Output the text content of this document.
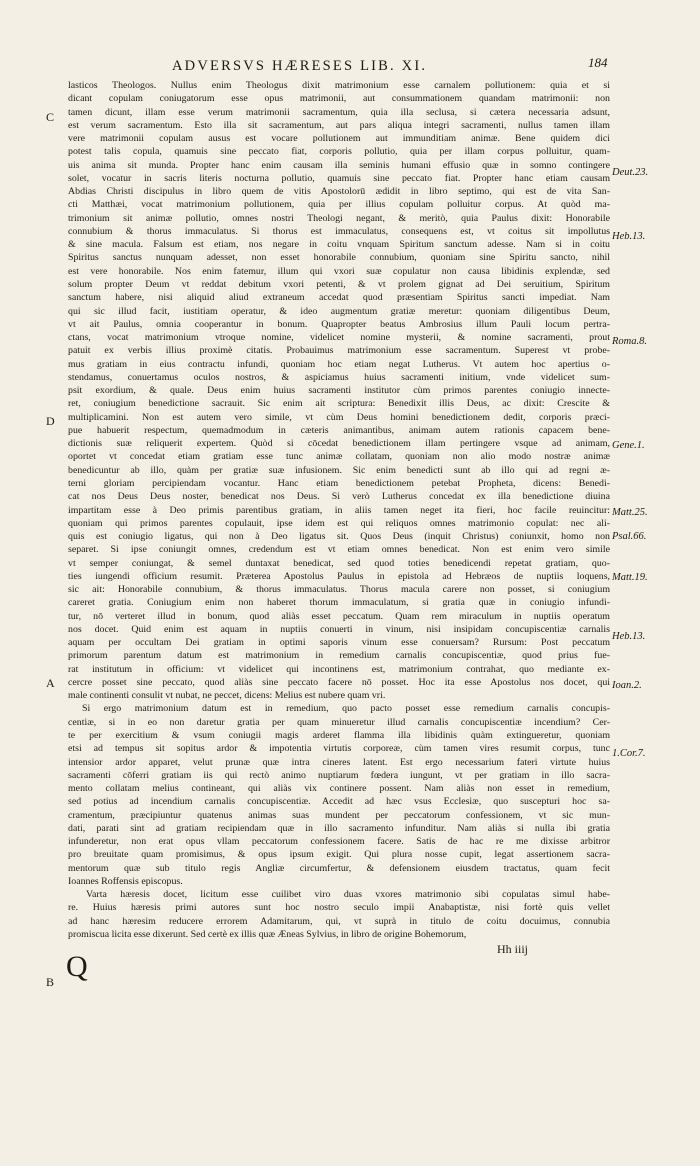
ADVERSVS HÆRESES LIB. XI.	184
lasticos Theologos. Nullus enim Theologus dixit matrimonium esse carnalem pollutionem: quia et si
dicant copulam coniugatorum esse opus matrimonii, aut consummationem quandam matrimonii: non
tamen dicunt, illam esse verum matrimonii sacramentum, quia illa seclusa, si cætera necessaria adsunt,
est verum sacramentum. Esto illa sit sacramentum, aut pars aliqua integri sacramenti, nullus tamen illam
vere matrimonii copulam ausus est vocare pollutionem aut immunditiam animæ. Bene quidem dici
potest talis copula, quamuis sine peccato fiat, corporis pollutio, quia per illam corpus polluitur, quam-
uis anima sit munda. Propter hanc enim causam illa seminis humani effusio quæ in somno contingere
solet, vocatur in sacris literis nocturna pollutio, quamuis sine peccato fiat. Propter hanc etiam causam
Abdias Christi discipulus in libro quem de vitis Apostolorū ædidit in libro septimo, qui est de vita San-
cti Matthæi, vocat matrimonium pollutionem, quia per illius copulam polluitur corpus. At quòd ma-
trimonium sit animæ pollutio, omnes nostri Theologi negant, & meritò, quia Paulus dixit: Honorabile
connubium & thorus immaculatus. Si thorus est immaculatus, consequens est, vt coitus sit impollutus
& sine macula. Falsum est etiam, nos negare in coitu vnquam Spiritum sanctum adesse. Nam si in coitu
Spiritus sanctus nunquam adesset, non esset honorabile connubium, quoniam sine Spiritu sancto, nihil
est vere honorabile. Nos enim fatemur, illum qui vxori suæ copulatur non causa libidinis explendæ, sed
solum propter Deum vt reddat debitum vxori petenti, & vt prolem gignat ad Dei seruitium, Spiritum
sanctum habere, nisi aliquid aliud extraneum accedat quod præsentiam Spiritus sancti impediat. Nam
qui sic illud facit, iustitiam operatur, & ideo augmentum gratiæ meretur: quoniam diligentibus Deum,
vt ait Paulus, omnia cooperantur in bonum. Quapropter beatus Ambrosius illum Pauli locum pertra-
ctans, vocat matrimonium vtroque nomine, videlicet nomine mysterii, & nomine sacramenti, prout
patuit ex verbis illius proximè citatis. Probauimus matrimonium esse sacramentum. Superest vt probe-
mus gratiam in eius contractu infundi, quoniam hoc etiam negat Lutherus. Vt autem hoc apertius o-
stendamus, conuertamus oculos nostros, & aspiciamus huius sacramenti initium, vnde videlicet sum-
psit exordium, & quale. Deus enim huius sacramenti institutor cùm primos parentes coniugio innecte-
ret, coniugium benedictione sacrauit. Sic enim ait scriptura: Benedixit illis Deus, ac dixit: Crescite &
multiplicamini. Non est autem vero simile, vt cùm Deus homini benedictionem dedit, corporis præci-
pue habuerit respectum, quemadmodum in cæteris animantibus, animam autem rationis capacem bene-
dictionis suæ reliquerit expertem. Quòd si cōcedat benedictionem illam pertingere vsque ad animam,
oportet vt concedat etiam gratiam esse tunc animæ collatam, quoniam non alio modo nostræ animæ
benedicuntur ab illo, quàm per gratiæ suæ infusionem. Sic enim benedicti sunt ab illo qui ad regni æ-
terni gloriam percipiendam vocantur. Hanc etiam benedictionem petebat Propheta, dicens: Benedi-
cat nos Deus Deus noster, benedicat nos Deus. Si verò Lutherus concedat ex illa benedictione diuina
impartitam esse à Deo primis parentibus gratiam, in aliis tamen neget ita fieri, hoc facile reuincitur:
quoniam qui primos parentes copulauit, ipse idem est qui reliquos omnes matrimonio copulat: nec ali-
quis est coniugio ligatus, qui non à Deo ligatus sit. Quos Deus (inquit Christus) coniunxit, homo non
separet. Si ipse coniungit omnes, credendum est vt etiam omnes benedicat. Non est enim vero simile
vt semper coniungat, & semel duntaxat benedicat, sed quod toties benedicendi repetat gratiam, quo-
ties iungendi officium resumit. Præterea Apostolus Paulus in epistola ad Hebræos de nuptiis loquens,
sic ait: Honorabile connubium, & thorus immaculatus. Thorus macula carere non posset, si coniugium
careret gratia. Coniugium enim non haberet thorum immaculatum, si gratia quæ in coniugio infundi-
tur, nō verteret illud in bonum, quod aliàs esset peccatum. Quam rem miraculum in nuptiis operatum
nos docet. Quid enim est aquam in nuptiis conuerti in vinum, nisi insipidam concupiscentiæ carnalis
aquam per occultam Dei gratiam in optimi saporis vinum esse conuersam? Rursum: Post peccatum
primorum parentum datum est matrimonium in remedium carnalis concupiscentiæ, quod prius fue-
rat institutum in officium: vt videlicet qui incontinens est, matrimonium contrahat, quo mediante ex-
cercre posset sine peccato, quod aliàs sine peccato facere nō posset. Hoc ita esse Apostolus nos docet, qui
male continenti consulit vt nubat, ne peccet, dicens: Melius est nubere quam vri.
Si ergo matrimonium datum est in remedium, quo pacto posset esse remedium carnalis concupis-
centiæ, si in eo non daretur gratia per quam minueretur illud carnalis concupiscentiæ incendium? Cer-
te per exercitium & vsum coniugii magis arderet flamma illa libidinis quàm extingueretur, quoniam
etsi ad tempus sit sopitus ardor & impotentia virtutis corporeæ, cùm tamen vires resumit corpus, tunc
intensior ardor apparet, velut prunæ quæ intra cineres latent. Est ergo necessarium fateri virtute huius
sacramenti cōferri gratiam iis qui rectò animo nuptiarum fœdera iungunt, vt per gratiam in illo sacra-
mento collatam melius contineant, qui aliàs vix continere possent. Nam aliàs non esset in remedium,
sed potius ad incendium carnalis concupiscentiæ. Accedit ad hæc vsus Ecclesiæ, quo suscepturi hoc sa-
cramentum, præcipiuntur quatenus animas suas mundent per peccatorum confessionem, vt sic mun-
dati, parati sint ad gratiam recipiendam quæ in illo sacramento infunditur. Nam aliàs si nulla ibi gratia
infunderetur, non erat opus vllam peccatorum confessionem facere. Satis de hac re me dixisse arbitror
pro breuitate quam promisimus, & opus ipsum exigit. Qui plura nosse cupit, legat assertionem sacra-
mentorum quæ sub titulo regis Angliæ circumfertur, & defensionem eiusdem tractatus, quam fecit
Ioannes Roffensis episcopus.
Varta hæresis docet, licitum esse cuilibet viro duas vxores matrimonio sibi copulatas simul habe-
re. Huius hæresis primi autores sunt hoc nostro seculo impii Anabaptistæ, nisi fortè quis vellet
ad hanc hæresim reducere errorem Adamitarum, qui, vt suprà in titulo de coitu docuimus, connubia
promiscua licita esse dixerunt. Sed certè ex illis quæ Æneas Sylvius, in libro de origine Bohemorum,
Q
C
D
A
B
Deut.23.
Heb.13.
Roma.8.
Gene.1.
Matt.25.
Psal.66.
Matt.19.
Heb.13.
Ioan.2.
1.Cor.7.
Hh iiij
